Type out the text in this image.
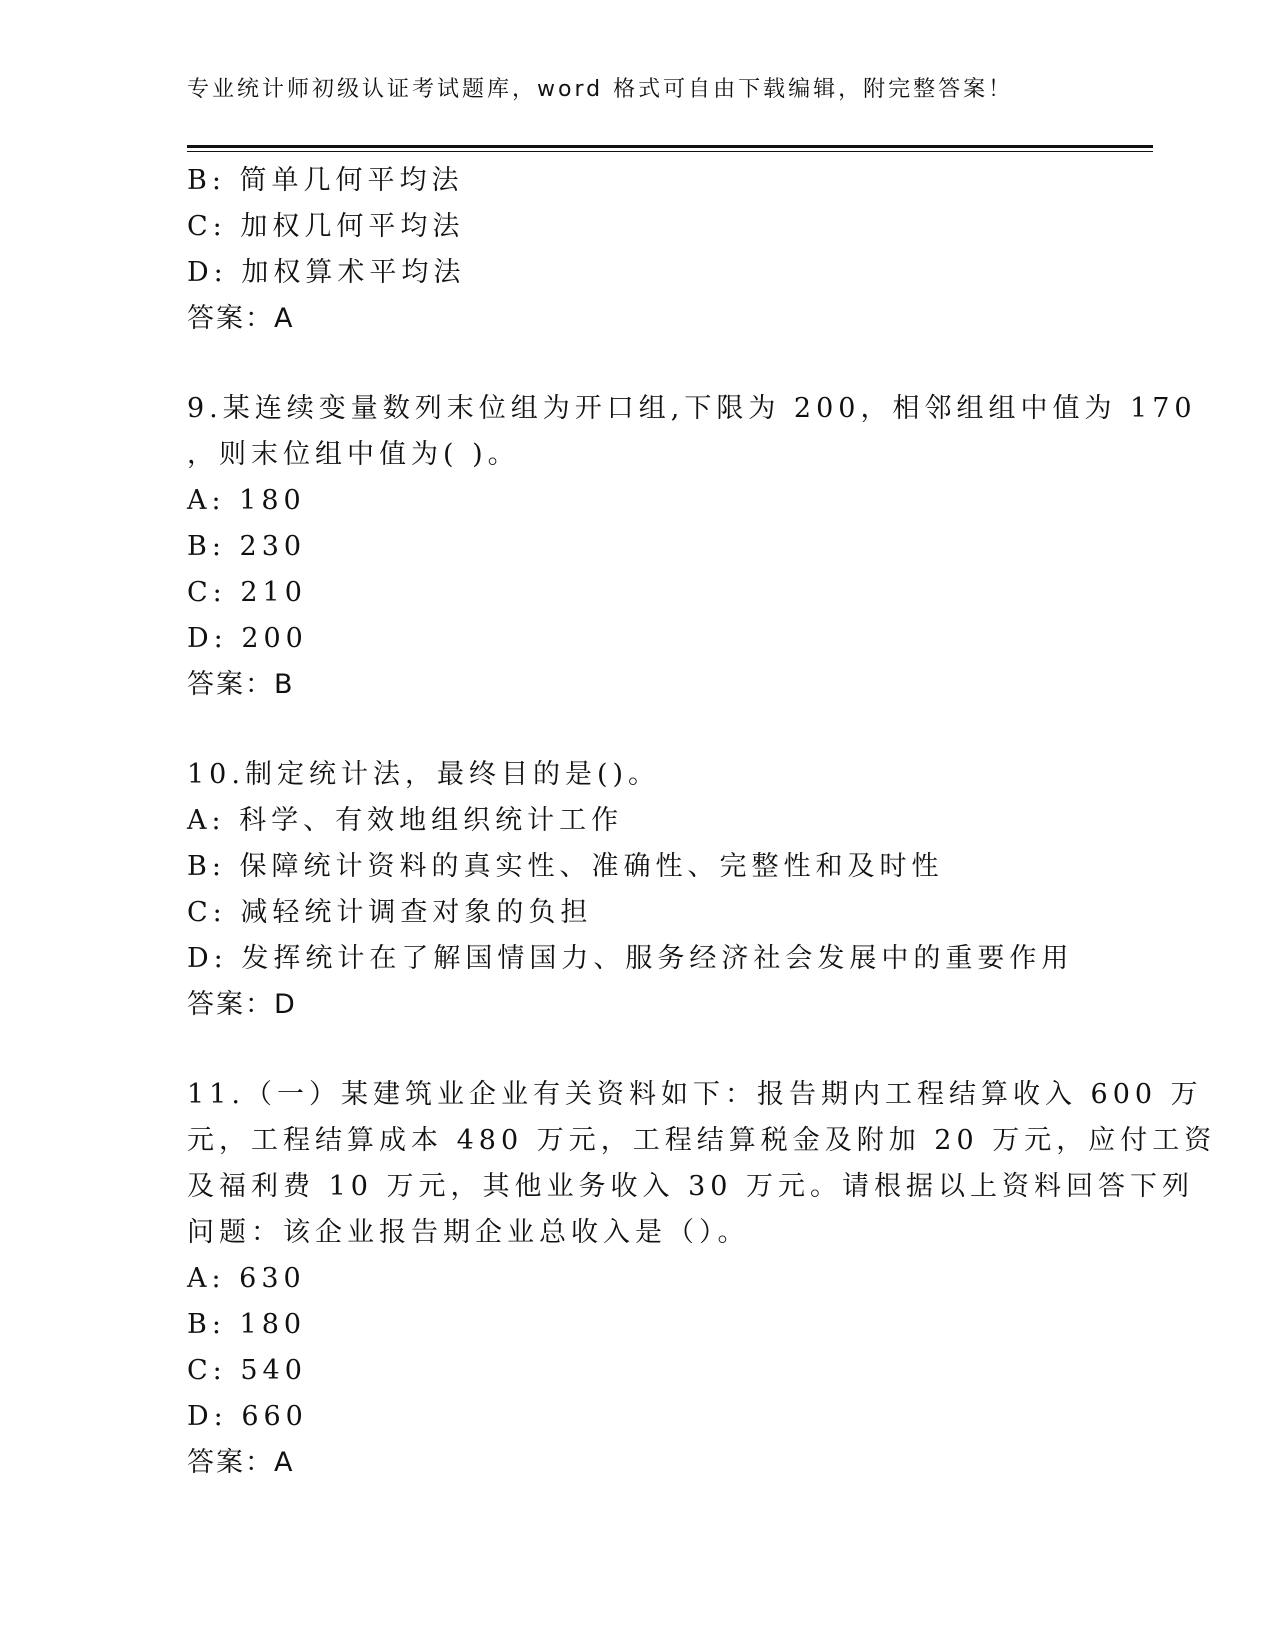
专业统计师初级认证考试题库，word 格式可自由下载编辑，附完整答案！
B: 简单几何平均法
C: 加权几何平均法
D: 加权算术平均法
答案：A
9.某连续变量数列末位组为开口组,下限为 200，相邻组组中值为 170
，则末位组中值为( )。
A: 180
B: 230
C: 210
D: 200
答案：B
10.制定统计法，最终目的是()。
A: 科学、有效地组织统计工作
B: 保障统计资料的真实性、准确性、完整性和及时性
C: 减轻统计调查对象的负担
D: 发挥统计在了解国情国力、服务经济社会发展中的重要作用
答案：D
11.（一）某建筑业企业有关资料如下：报告期内工程结算收入 600 万
元，工程结算成本 480 万元，工程结算税金及附加 20 万元，应付工资
及福利费 10 万元，其他业务收入 30 万元。请根据以上资料回答下列
问题：该企业报告期企业总收入是（）。
A: 630
B: 180
C: 540
D: 660
答案：A
